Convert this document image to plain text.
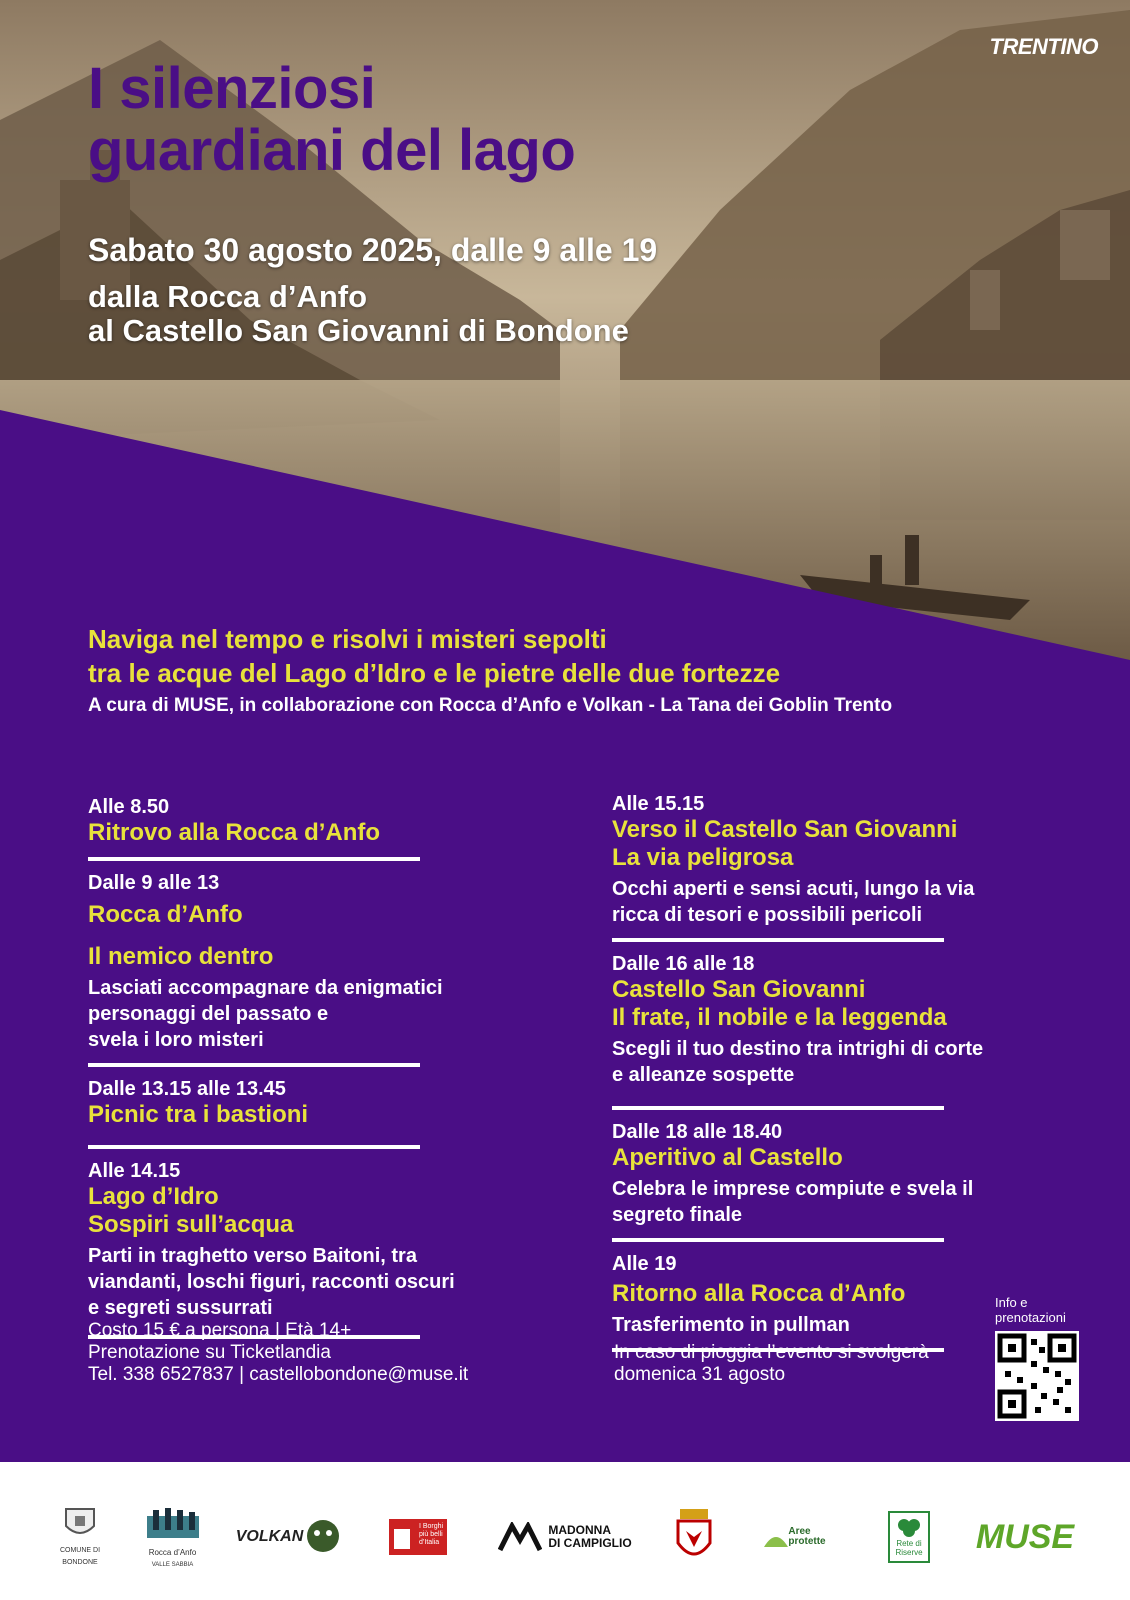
TRENTINO
I silenziosi
guardiani del lago
Sabato 30 agosto 2025, dalle 9 alle 19
dalla Rocca d’Anfo
al Castello San Giovanni di Bondone
Naviga nel tempo e risolvi i misteri sepolti
tra le acque del Lago d’Idro e le pietre delle due fortezze
A cura di MUSE, in collaborazione con Rocca d’Anfo e Volkan - La Tana dei Goblin Trento
Alle 8.50
Ritrovo alla Rocca d’Anfo
Dalle 9 alle 13
Rocca d’Anfo
Il nemico dentro
Lasciati accompagnare da enigmatici
personaggi del passato e
svela i loro misteri
Dalle 13.15 alle 13.45
Picnic tra i bastioni
Alle 14.15
Lago d’Idro
Sospiri sull’acqua
Parti in traghetto verso Baitoni, tra
viandanti, loschi figuri, racconti oscuri
e segreti sussurrati
Alle 15.15
Verso il Castello San Giovanni
La via peligrosa
Occhi aperti e sensi acuti, lungo la via
ricca di tesori e possibili pericoli
Dalle 16 alle 18
Castello San Giovanni
Il frate, il nobile e la leggenda
Scegli il tuo destino tra intrighi di corte
e alleanze sospette
Dalle 18 alle 18.40
Aperitivo al Castello
Celebra le imprese compiute e svela il
segreto finale
Alle 19
Ritorno alla Rocca d’Anfo
Trasferimento in pullman
Costo 15 € a persona | Età 14+
Prenotazione su Ticketlandia
Tel. 338 6527837 | castellobondone@muse.it
In caso di pioggia l’evento si svolgerà
domenica 31 agosto
Info e
prenotazioni
COMUNE DI
BONDONE
Rocca d’Anfo
VALLE SABBIA
VOLKAN
I Borghi
più belli
d’Italia
MADONNA
DI CAMPIGLIO
Aree
protette	Rete di
Riserve MUSE
